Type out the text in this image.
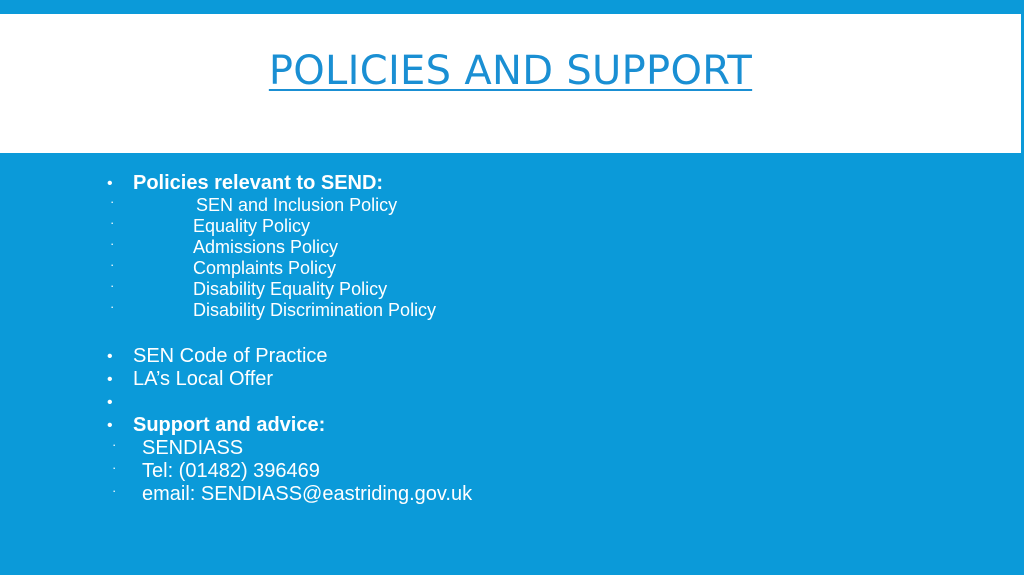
POLICIES AND SUPPORT
• Policies relevant to SEND:
·	SEN and Inclusion Policy
·	Equality Policy
·	Admissions Policy
·	Complaints Policy
·	Disability Equality Policy
·	Disability Discrimination Policy
• SEN Code of Practice
• LA’s Local Offer
•
• Support and advice:
· SENDIASS
· Tel: (01482) 396469
· email: SENDIASS@eastriding.gov.uk
